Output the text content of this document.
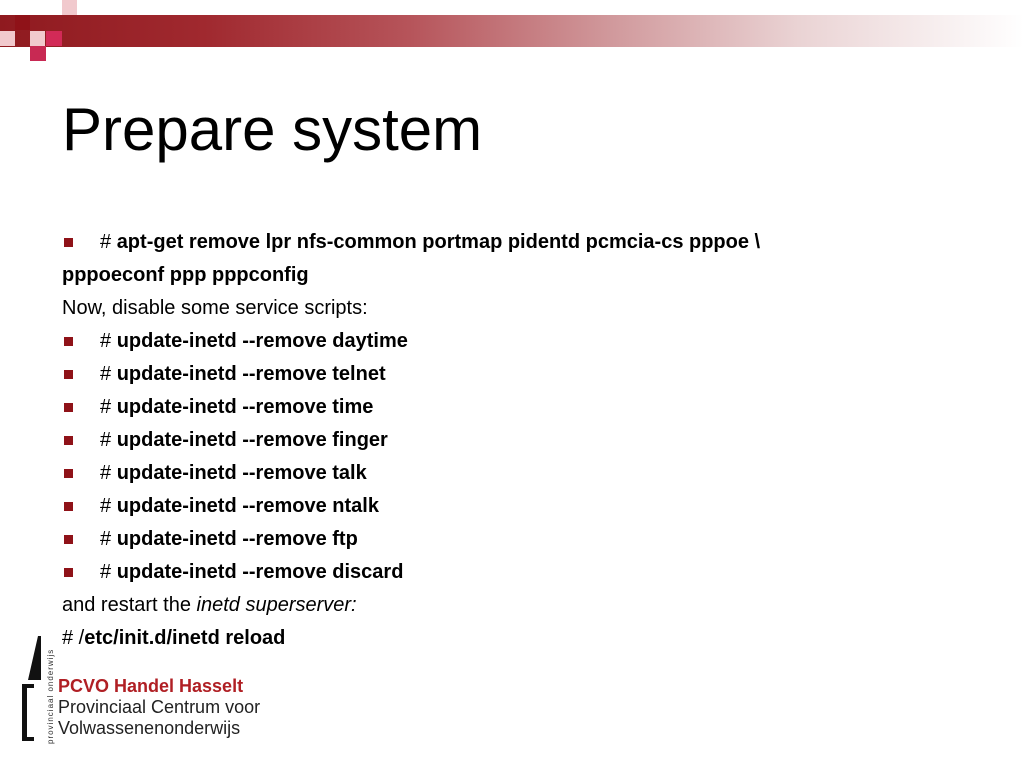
Prepare system
# apt-get remove lpr nfs-common portmap pidentd pcmcia-cs pppoe \
pppoeconf ppp pppconfig
Now, disable some service scripts:
# update-inetd --remove daytime
# update-inetd --remove telnet
# update-inetd --remove time
# update-inetd --remove finger
# update-inetd --remove talk
# update-inetd --remove ntalk
# update-inetd --remove ftp
# update-inetd --remove discard
and restart the inetd superserver:
# /etc/init.d/inetd reload
provinciaal onderwijs PCVO Handel Hasselt
Provinciaal Centrum voor
Volwassenenonderwijs
